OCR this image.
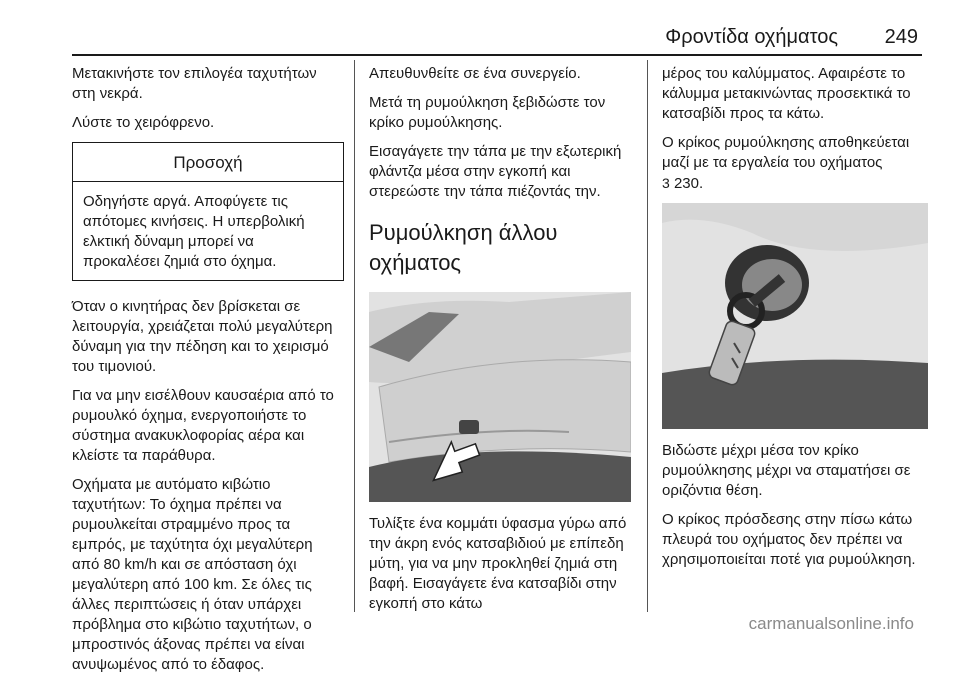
Φροντίδα οχήματος 249

Μετακινήστε τον επιλογέα ταχυτήτων στη νεκρά.

Λύστε το χειρόφρενο.

Προσοχή
Οδηγήστε αργά. Αποφύγετε τις απότομες κινήσεις. Η υπερβολική ελκτική δύναμη μπορεί να προκαλέσει ζημιά στο όχημα.

Όταν ο κινητήρας δεν βρίσκεται σε λειτουργία, χρειάζεται πολύ μεγαλύτερη δύναμη για την πέδηση και το χειρισμό του τιμονιού.

Για να μην εισέλθουν καυσαέρια από το ρυμουλκό όχημα, ενεργοποιήστε το σύστημα ανακυκλοφορίας αέρα και κλείστε τα παράθυρα.

Οχήματα με αυτόματο κιβώτιο ταχυτήτων: Το όχημα πρέπει να ρυμουλκείται στραμμένο προς τα εμπρός, με ταχύτητα όχι μεγαλύτερη από 80 km/h και σε απόσταση όχι μεγαλύτερη από 100 km. Σε όλες τις άλλες περιπτώσεις ή όταν υπάρχει πρόβλημα στο κιβώτιο ταχυτήτων, ο μπροστινός άξονας πρέπει να είναι ανυψωμένος από το έδαφος.

Απευθυνθείτε σε ένα συνεργείο.

Μετά τη ρυμούλκηση ξεβιδώστε τον κρίκο ρυμούλκησης.

Εισαγάγετε την τάπα με την εξωτερική φλάντζα μέσα στην εγκοπή και στερεώστε την τάπα πιέζοντάς την.

Ρυμούλκηση άλλου οχήματος

Τυλίξτε ένα κομμάτι ύφασμα γύρω από την άκρη ενός κατσαβιδιού με επίπεδη μύτη, για να μην προκληθεί ζημιά στη βαφή. Εισαγάγετε ένα κατσαβίδι στην εγκοπή στο κάτω

μέρος του καλύμματος. Αφαιρέστε το κάλυμμα μετακινώντας προσεκτικά το κατσαβίδι προς τα κάτω.

Ο κρίκος ρυμούλκησης αποθηκεύεται μαζί με τα εργαλεία του οχήματος
3 230.

Βιδώστε μέχρι μέσα τον κρίκο ρυμούλκησης μέχρι να σταματήσει σε οριζόντια θέση.

Ο κρίκος πρόσδεσης στην πίσω κάτω πλευρά του οχήματος δεν πρέπει να χρησιμοποιείται ποτέ για ρυμούλκηση.

carmanualsonline.info
